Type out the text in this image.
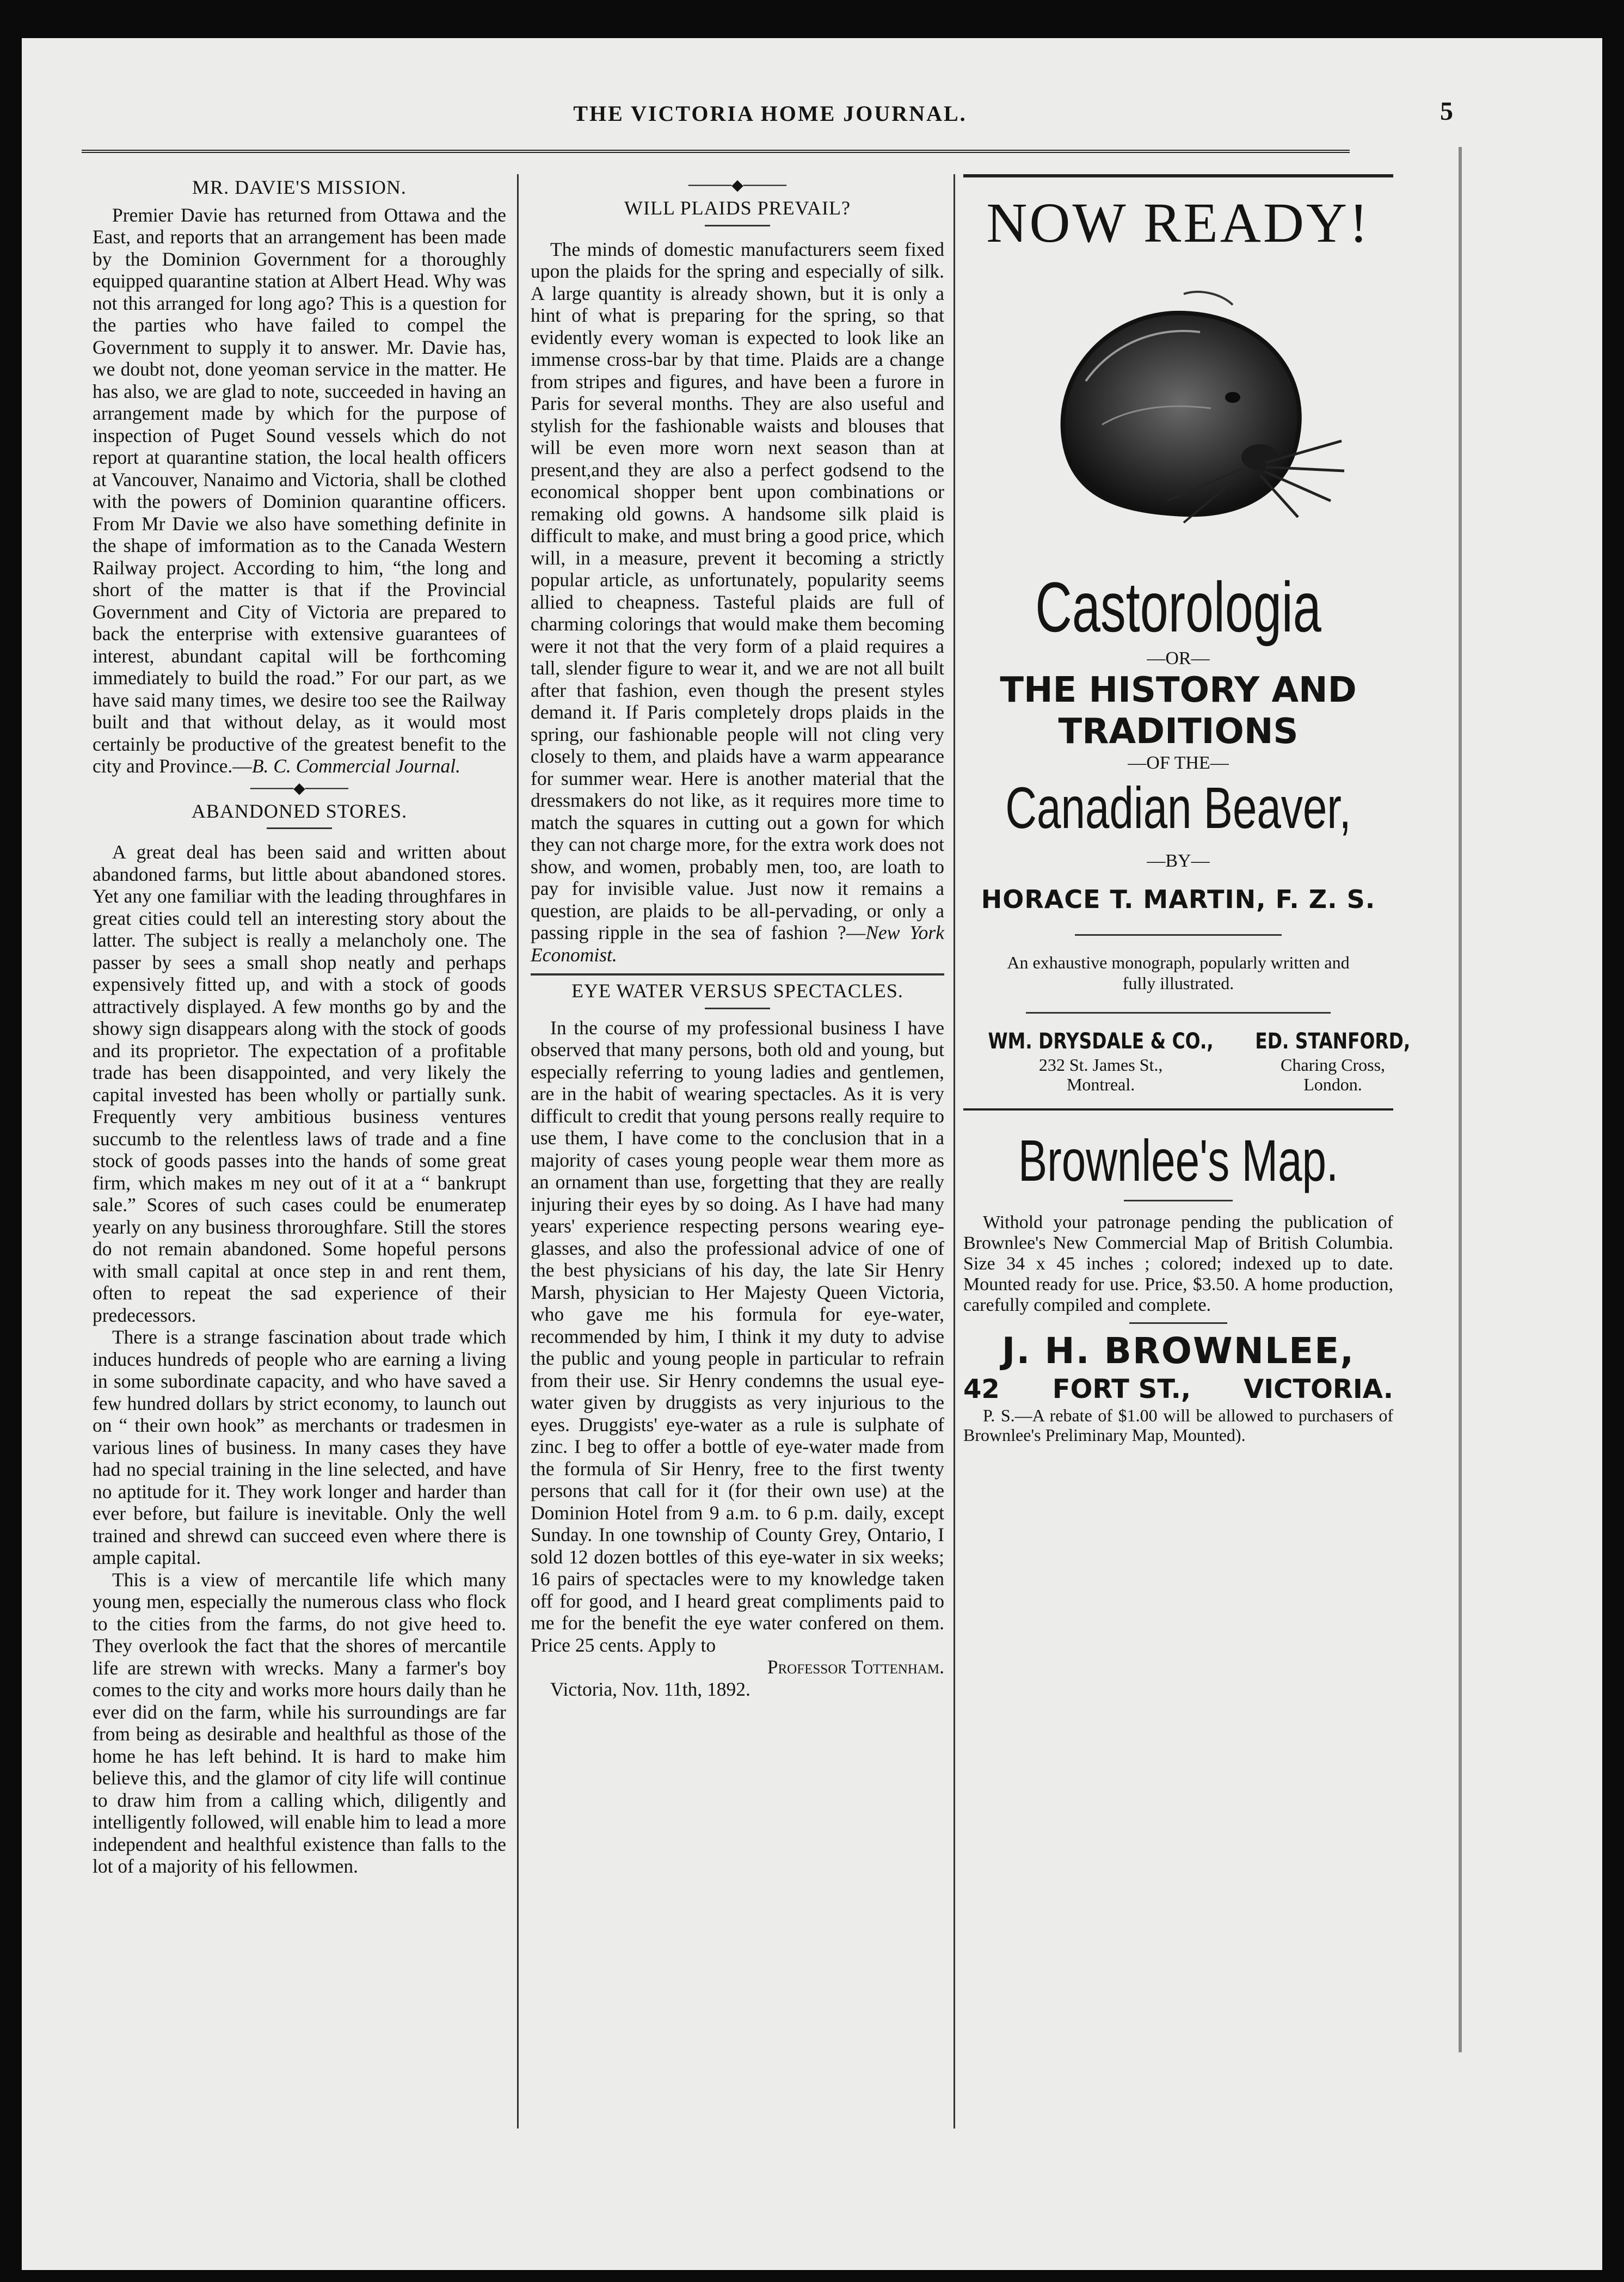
THE VICTORIA HOME JOURNAL.	5
MR. DAVIE'S MISSION.

Premier Davie has returned from Ottawa and the East, and reports that an arrangement has been made by the Dominion Government for a thoroughly equipped quarantine station at Albert Head. Why was not this arranged for long ago? This is a question for the parties who have failed to compel the Government to supply it to answer. Mr. Davie has, we doubt not, done yeoman service in the matter. He has also, we are glad to note, succeeded in having an arrangement made by which for the purpose of inspection of Puget Sound vessels which do not report at quarantine station, the local health officers at Vancouver, Nanaimo and Victoria, shall be clothed with the powers of Dominion quarantine officers. From Mr Davie we also have something definite in the shape of imformation as to the Canada Western Railway project. According to him, “the long and short of the matter is that if the Provincial Government and City of Victoria are prepared to back the enterprise with extensive guarantees of interest, abundant capital will be forthcoming immediately to build the road.” For our part, as we have said many times, we desire too see the Railway built and that without delay, as it would most certainly be productive of the greatest benefit to the city and Province.—B. C. Commercial Journal.

────◆────
ABANDONED STORES.

A great deal has been said and written about abandoned farms, but little about abandoned stores. Yet any one familiar with the leading throughfares in great cities could tell an interesting story about the latter. The subject is really a melancholy one. The passer by sees a small shop neatly and perhaps expensively fitted up, and with a stock of goods attractively displayed. A few months go by and the showy sign disappears along with the stock of goods and its proprietor. The expectation of a profitable trade has been disappointed, and very likely the capital invested has been wholly or partially sunk. Frequently very ambitious business ventures succumb to the relentless laws of trade and a fine stock of goods passes into the hands of some great firm, which makes m ney out of it at a “ bankrupt sale.” Scores of such cases could be enumeratep yearly on any business throroughfare. Still the stores do not remain abandoned. Some hopeful persons with small capital at once step in and rent them, often to repeat the sad experience of their predecessors.

There is a strange fascination about trade which induces hundreds of people who are earning a living in some subordinate capacity, and who have saved a few hundred dollars by strict economy, to launch out on “ their own hook” as merchants or tradesmen in various lines of business. In many cases they have had no special training in the line selected, and have no aptitude for it. They work longer and harder than ever before, but failure is inevitable. Only the well trained and shrewd can succeed even where there is ample capital.

This is a view of mercantile life which many young men, especially the numerous class who flock to the cities from the farms, do not give heed to. They overlook the fact that the shores of mercantile life are strewn with wrecks. Many a farmer's boy comes to the city and works more hours daily than he ever did on the farm, while his surroundings are far from being as desirable and healthful as those of the home he has left behind. It is hard to make him believe this, and the glamor of city life will continue to draw him from a calling which, diligently and intelligently followed, will enable him to lead a more independent and healthful existence than falls to the lot of a majority of his fellowmen.

────◆────
WILL PLAIDS PREVAIL?

The minds of domestic manufacturers seem fixed upon the plaids for the spring and especially of silk. A large quantity is already shown, but it is only a hint of what is preparing for the spring, so that evidently every woman is expected to look like an immense cross-bar by that time. Plaids are a change from stripes and figures, and have been a furore in Paris for several months. They are also useful and stylish for the fashionable waists and blouses that will be even more worn next season than at present,and they are also a perfect godsend to the economical shopper bent upon combinations or remaking old gowns. A handsome silk plaid is difficult to make, and must bring a good price, which will, in a measure, prevent it becoming a strictly popular article, as unfortunately, popularity seems allied to cheapness. Tasteful plaids are full of charming colorings that would make them becoming were it not that the very form of a plaid requires a tall, slender figure to wear it, and we are not all built after that fashion, even though the present styles demand it. If Paris completely drops plaids in the spring, our fashionable people will not cling very closely to them, and plaids have a warm appearance for summer wear. Here is another material that the dressmakers do not like, as it requires more time to match the squares in cutting out a gown for which they can not charge more, for the extra work does not show, and women, probably men, too, are loath to pay for invisible value. Just now it remains a question, are plaids to be all-pervading, or only a passing ripple in the sea of fashion ?—New York Economist.

EYE WATER VERSUS SPECTACLES.

In the course of my professional business I have observed that many persons, both old and young, but especially referring to young ladies and gentlemen, are in the habit of wearing spectacles. As it is very difficult to credit that young persons really require to use them, I have come to the conclusion that in a majority of cases young people wear them more as an ornament than use, forgetting that they are really injuring their eyes by so doing. As I have had many years' experience respecting persons wearing eye-glasses, and also the professional advice of one of the best physicians of his day, the late Sir Henry Marsh, physician to Her Majesty Queen Victoria, who gave me his formula for eye-water, recommended by him, I think it my duty to advise the public and young people in particular to refrain from their use. Sir Henry condemns the usual eye-water given by druggists as very injurious to the eyes. Druggists' eye-water as a rule is sulphate of zinc. I beg to offer a bottle of eye-water made from the formula of Sir Henry, free to the first twenty persons that call for it (for their own use) at the Dominion Hotel from 9 a.m. to 6 p.m. daily, except Sunday. In one township of County Grey, Ontario, I sold 12 dozen bottles of this eye-water in six weeks; 16 pairs of spectacles were to my knowledge taken off for good, and I heard great compliments paid to me for the benefit the eye water confered on them. Price 25 cents. Apply to

Professor Tottenham.

Victoria, Nov. 11th, 1892.

NOW READY!
Castorologia
—OR—
THE HISTORY AND TRADITIONS
—OF THE—
Canadian Beaver,
—BY—
HORACE T. MARTIN, F. Z. S.
An exhaustive monograph, popularly written and fully illustrated.
WM. DRYSDALE & CO.,
232 St. James St.,
Montreal.
ED. STANFORD,
Charing Cross,
London.
Brownlee's Map.

Withold your patronage pending the publication of Brownlee's New Commercial Map of British Columbia. Size 34 x 45 inches ; colored; indexed up to date. Mounted ready for use. Price, $3.50. A home production, carefully compiled and complete.

J. H. BROWNLEE,
42 FORT ST., VICTORIA.

P. S.—A rebate of $1.00 will be allowed to purchasers of Brownlee's Preliminary Map, Mounted).
